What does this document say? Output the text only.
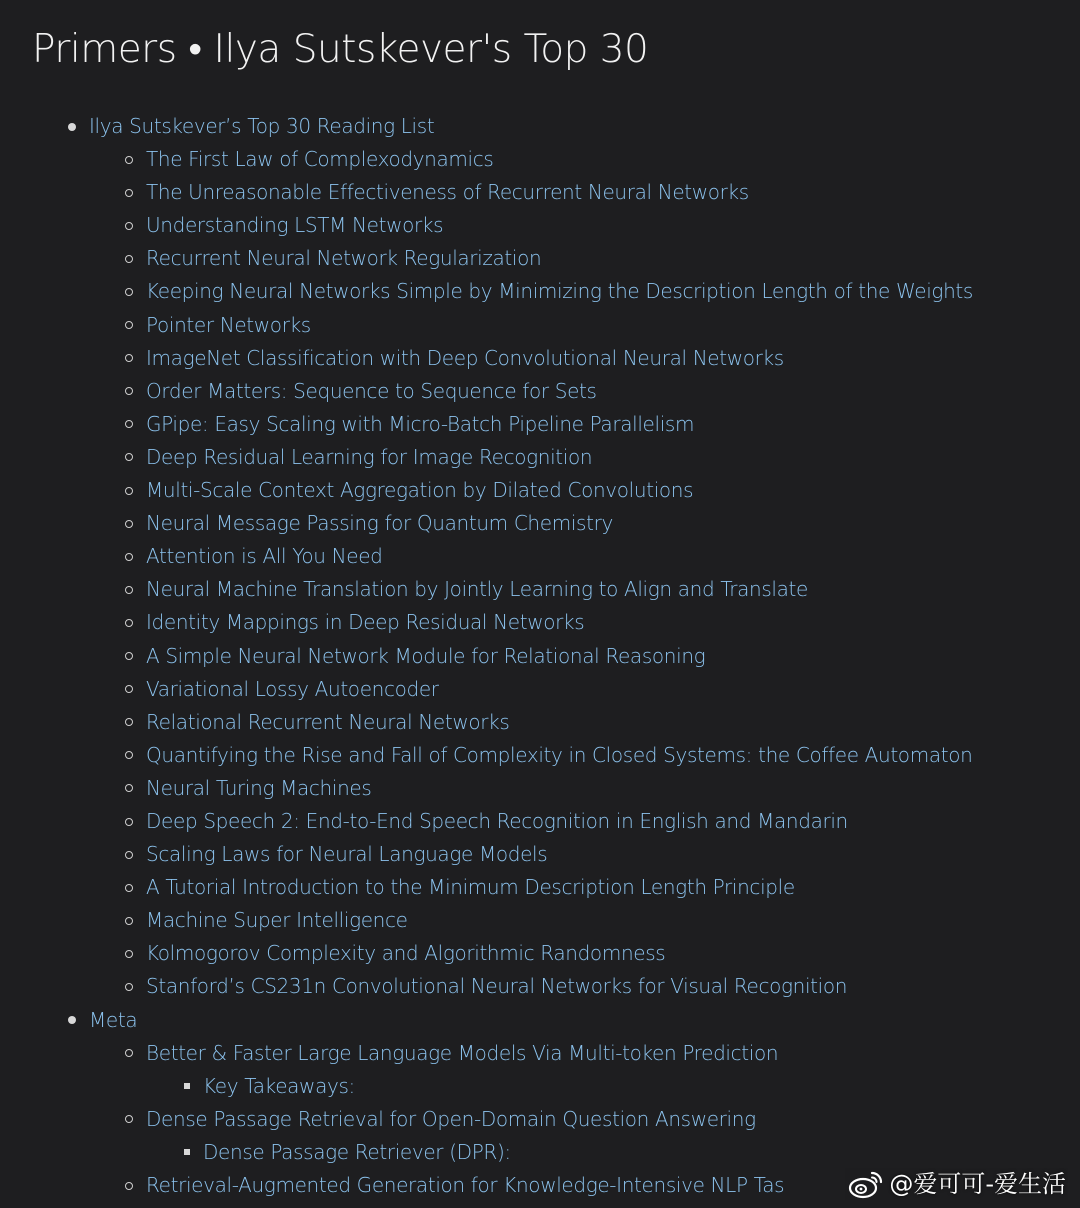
Primers • Ilya Sutskever's Top 30
Ilya Sutskever’s Top 30 Reading List
The First Law of Complexodynamics
The Unreasonable Effectiveness of Recurrent Neural Networks
Understanding LSTM Networks
Recurrent Neural Network Regularization
Keeping Neural Networks Simple by Minimizing the Description Length of the Weights
Pointer Networks
ImageNet Classification with Deep Convolutional Neural Networks
Order Matters: Sequence to Sequence for Sets
GPipe: Easy Scaling with Micro-Batch Pipeline Parallelism
Deep Residual Learning for Image Recognition
Multi-Scale Context Aggregation by Dilated Convolutions
Neural Message Passing for Quantum Chemistry
Attention is All You Need
Neural Machine Translation by Jointly Learning to Align and Translate
Identity Mappings in Deep Residual Networks
A Simple Neural Network Module for Relational Reasoning
Variational Lossy Autoencoder
Relational Recurrent Neural Networks
Quantifying the Rise and Fall of Complexity in Closed Systems: the Coffee Automaton
Neural Turing Machines
Deep Speech 2: End-to-End Speech Recognition in English and Mandarin
Scaling Laws for Neural Language Models
A Tutorial Introduction to the Minimum Description Length Principle
Machine Super Intelligence
Kolmogorov Complexity and Algorithmic Randomness
Stanford’s CS231n Convolutional Neural Networks for Visual Recognition
Meta
Better & Faster Large Language Models Via Multi-token Prediction
Key Takeaways:
Dense Passage Retrieval for Open-Domain Question Answering
Dense Passage Retriever (DPR):
Retrieval-Augmented Generation for Knowledge-Intensive NLP Tas	@爱可可-爱生活
